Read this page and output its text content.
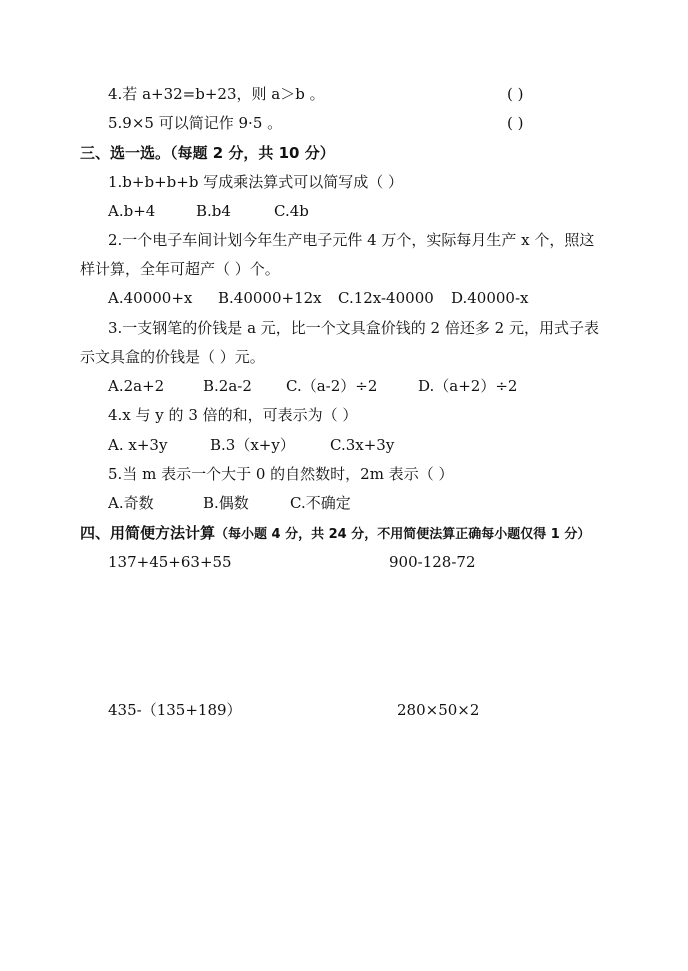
4.若 a+32=b+23，则 a＞b 。	( )
5.9×5 可以简记作 9·5 。	( )
三、选一选。（每题 2 分，共 10 分）
1.b+b+b+b 写成乘法算式可以简写成（ ）
A.b+4	B.b4	C.4b
2.一个电子车间计划今年生产电子元件 4 万个，实际每月生产 x 个，照这
样计算，全年可超产（ ）个。
A.40000+x B.40000+12x C.12x-40000 D.40000-x
3.一支钢笔的价钱是 a 元，比一个文具盒价钱的 2 倍还多 2 元，用式子表
示文具盒的价钱是（ ）元。
A.2a+2	B.2a-2 C.（a-2）÷2	D.（a+2）÷2
4.x 与 y 的 3 倍的和，可表示为（ ）
A. x+3y	B.3（x+y） C.3x+3y
5.当 m 表示一个大于 0 的自然数时，2m 表示（ ）
A.奇数	B.偶数	C.不确定
四、用简便方法计算（每小题 4 分，共 24 分，不用简便法算正确每小题仅得 1 分）
137+45+63+55	900-128-72
435-（135+189）	280×50×2
